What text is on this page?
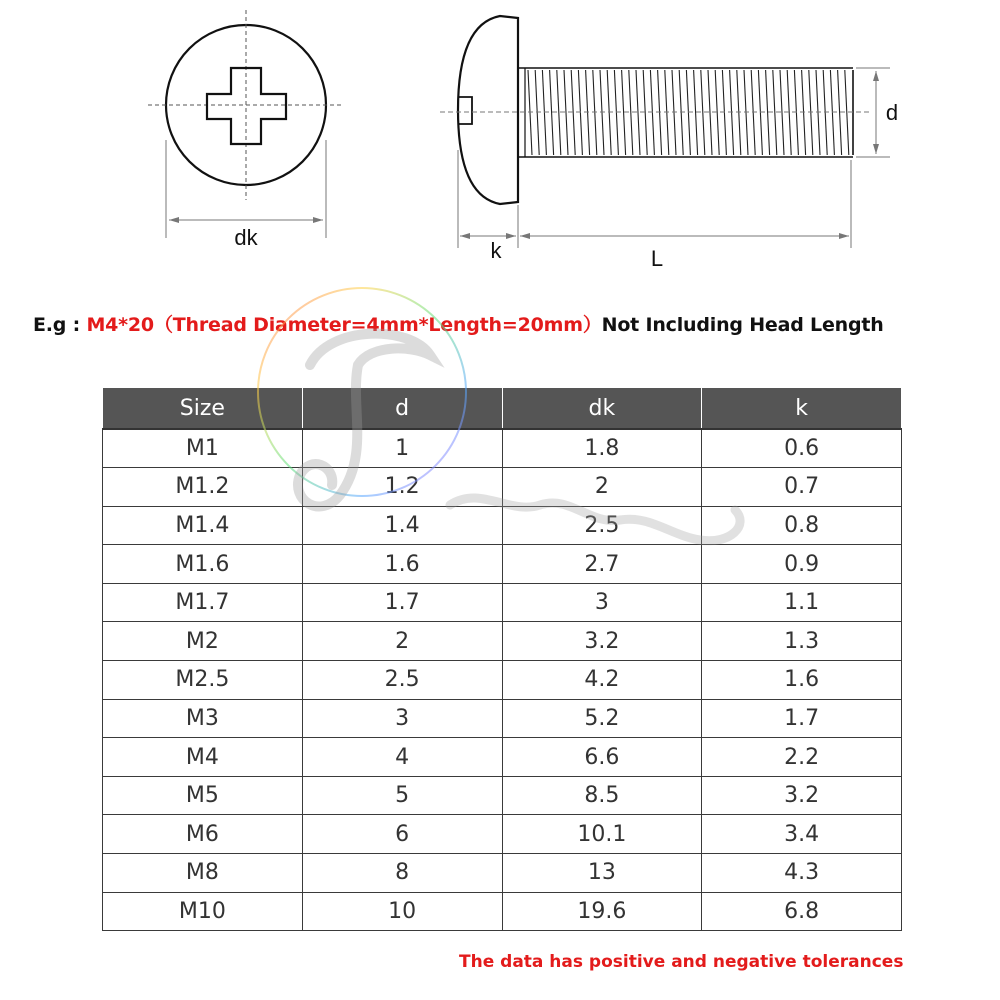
dk
d
k	L
E.g : M4*20（Thread Diameter=4mm*Length=20mm）Not Including Head Length
Size	d	dk	k
M1	1	1.8	0.6
M1.2	1.2	2	0.7
M1.4	1.4	2.5	0.8
M1.6	1.6	2.7	0.9
M1.7	1.7	3	1.1
M2	2	3.2	1.3
M2.5	2.5	4.2	1.6
M3	3	5.2	1.7
M4	4	6.6	2.2
M5	5	8.5	3.2
M6	6	10.1	3.4
M8	8	13	4.3
M10	10	19.6	6.8
The data has positive and negative tolerances
